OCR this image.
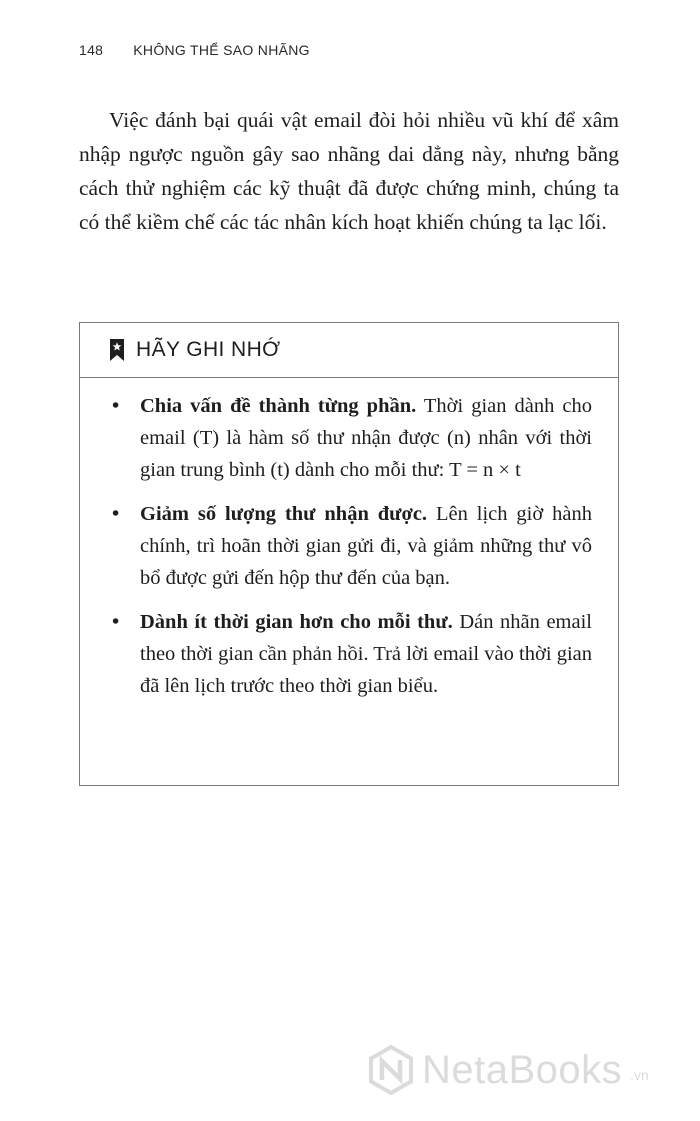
148 KHÔNG THỂ SAO NHÃNG

Việc đánh bại quái vật email đòi hỏi nhiều vũ khí để xâm nhập ngược nguồn gây sao nhãng dai dẳng này, nhưng bằng cách thử nghiệm các kỹ thuật đã được chứng minh, chúng ta có thể kiềm chế các tác nhân kích hoạt khiến chúng ta lạc lối.

HÃY GHI NHỚ
• Chia vấn đề thành từng phần. Thời gian dành cho email (T) là hàm số thư nhận được (n) nhân với thời gian trung bình (t) dành cho mỗi thư: T = n × t
• Giảm số lượng thư nhận được. Lên lịch giờ hành chính, trì hoãn thời gian gửi đi, và giảm những thư vô bổ được gửi đến hộp thư đến của bạn.
• Dành ít thời gian hơn cho mỗi thư. Dán nhãn email theo thời gian cần phản hồi. Trả lời email vào thời gian đã lên lịch trước theo thời gian biểu.
NetaBooks .vn
